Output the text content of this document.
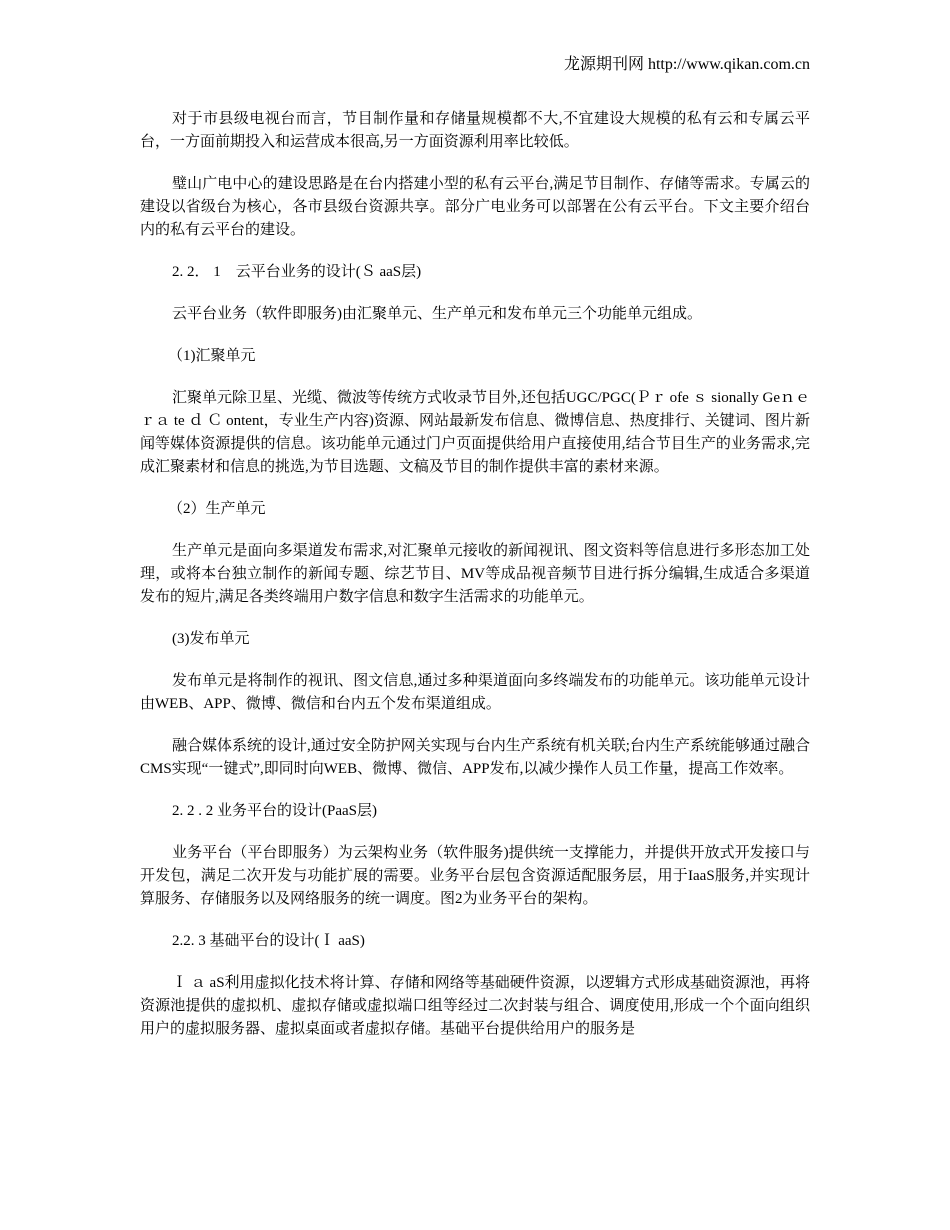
龙源期刊网 http://www.qikan.com.cn

对于市县级电视台而言，节目制作量和存储量规模都不大,不宜建设大规模的私有云和专属云平台，一方面前期投入和运营成本很高,另一方面资源利用率比较低。

璧山广电中心的建设思路是在台内搭建小型的私有云平台,满足节目制作、存储等需求。专属云的建设以省级台为核心，各市县级台资源共享。部分广电业务可以部署在公有云平台。下文主要介绍台内的私有云平台的建设。

2. 2． 1　云平台业务的设计(Ｓ aaS层)

云平台业务（软件即服务)由汇聚单元、生产单元和发布单元三个功能单元组成。

（1)汇聚单元

汇聚单元除卫星、光缆、微波等传统方式收录节目外,还包括UGC/PGC(Ｐｒ ofe ｓ sionally Geｎｅｒａ te ｄ Ｃ ontent，专业生产内容)资源、网站最新发布信息、微博信息、热度排行、关键词、图片新闻等媒体资源提供的信息。该功能单元通过门户页面提供给用户直接使用,结合节目生产的业务需求,完成汇聚素材和信息的挑选,为节目选题、文稿及节目的制作提供丰富的素材来源。

（2）生产单元

生产单元是面向多渠道发布需求,对汇聚单元接收的新闻视讯、图文资料等信息进行多形态加工处理，或将本台独立制作的新闻专题、综艺节目、MV等成品视音频节目进行拆分编辑,生成适合多渠道发布的短片,满足各类终端用户数字信息和数字生活需求的功能单元。

(3)发布单元

发布单元是将制作的视讯、图文信息,通过多种渠道面向多终端发布的功能单元。该功能单元设计由WEB、APP、微博、微信和台内五个发布渠道组成。

融合媒体系统的设计,通过安全防护网关实现与台内生产系统有机关联;台内生产系统能够通过融合CMS实现“一键式”,即同时向WEB、微博、微信、APP发布,以减少操作人员工作量，提高工作效率。

2. 2 . 2 业务平台的设计(PaaS层)

业务平台（平台即服务）为云架构业务（软件服务)提供统一支撑能力，并提供开放式开发接口与开发包，满足二次开发与功能扩展的需要。业务平台层包含资源适配服务层，用于IaaS服务,并实现计算服务、存储服务以及网络服务的统一调度。图2为业务平台的架构。

2.2. 3 基础平台的设计(Ｉ aaS)

Ｉ ａ aS利用虚拟化技术将计算、存储和网络等基础硬件资源，以逻辑方式形成基础资源池，再将资源池提供的虚拟机、虚拟存储或虚拟端口组等经过二次封装与组合、调度使用,形成一个个面向组织用户的虚拟服务器、虚拟桌面或者虚拟存储。基础平台提供给用户的服务是
